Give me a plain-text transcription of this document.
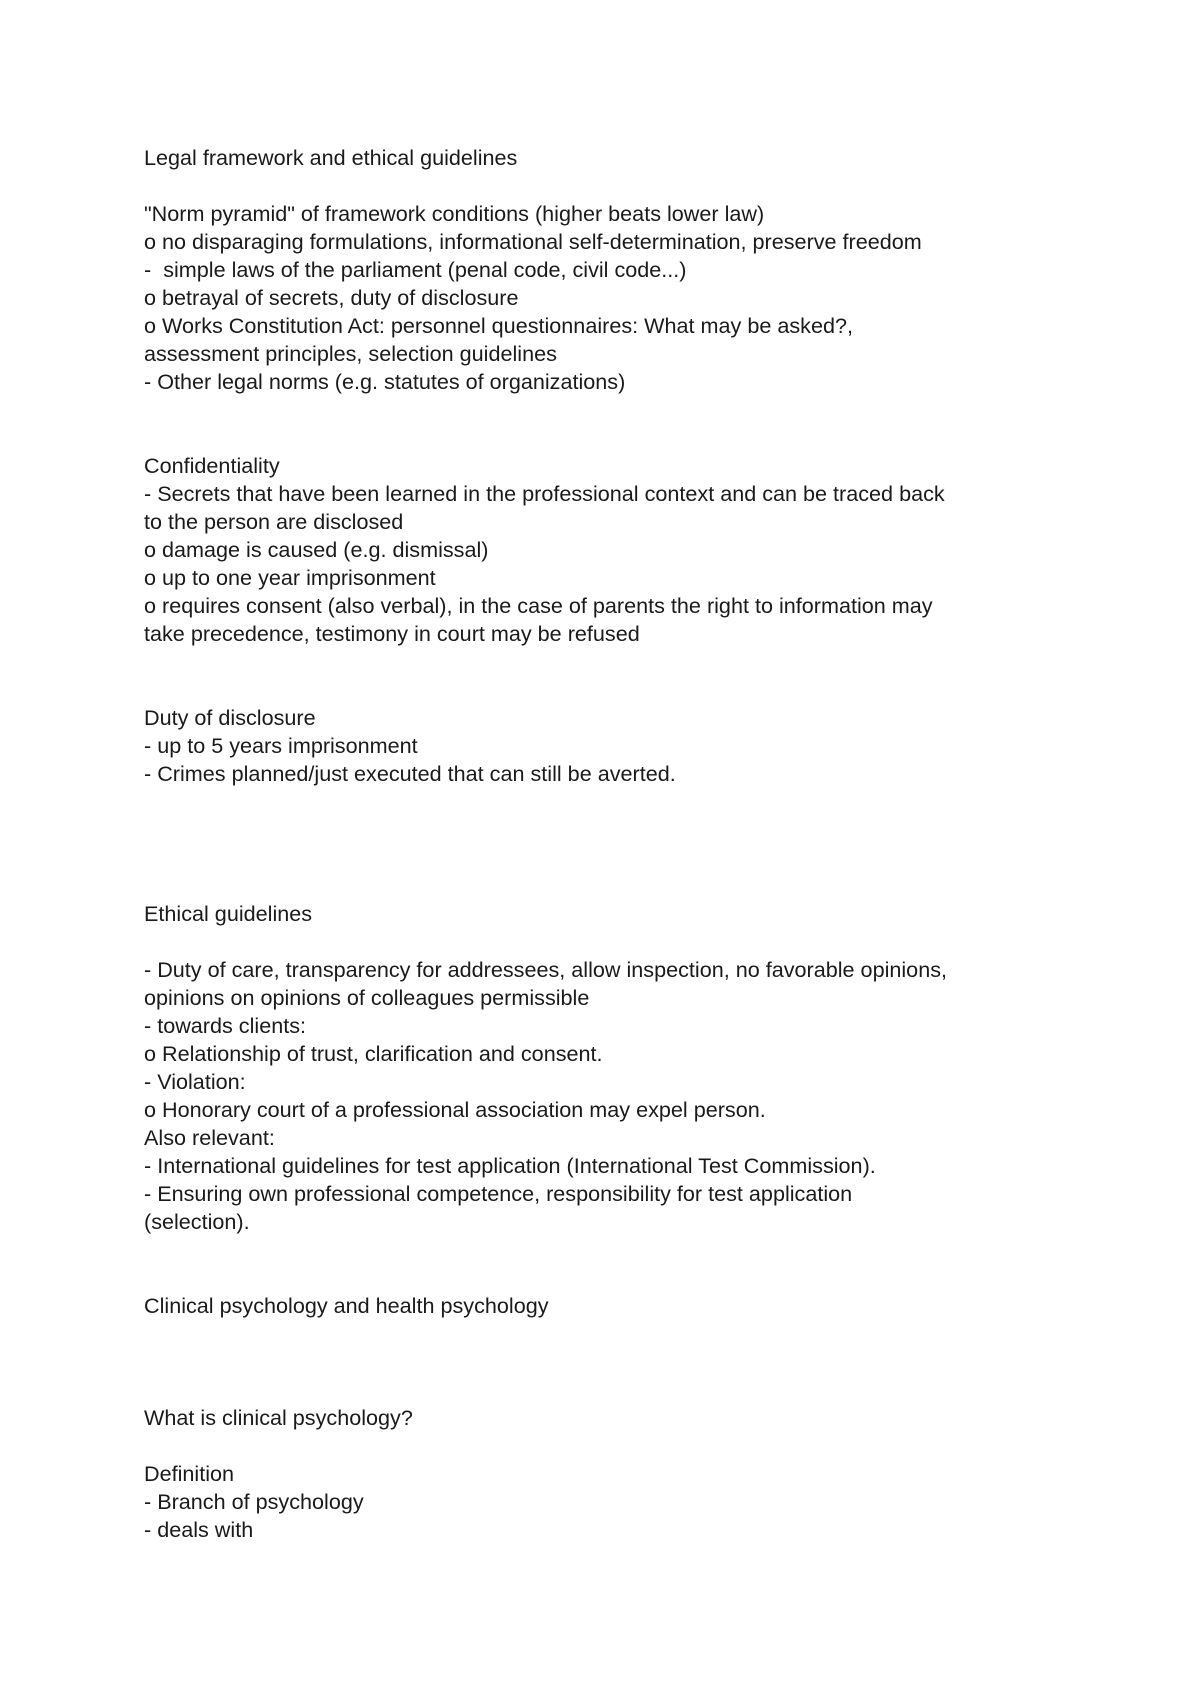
Legal framework and ethical guidelines

"Norm pyramid" of framework conditions (higher beats lower law)

o no disparaging formulations, informational self-determination, preserve freedom

-  simple laws of the parliament (penal code, civil code...)

o betrayal of secrets, duty of disclosure

o Works Constitution Act: personnel questionnaires: What may be asked?,

assessment principles, selection guidelines

- Other legal norms (e.g. statutes of organizations)

Confidentiality

- Secrets that have been learned in the professional context and can be traced back

to the person are disclosed

o damage is caused (e.g. dismissal)

o up to one year imprisonment

o requires consent (also verbal), in the case of parents the right to information may

take precedence, testimony in court may be refused

Duty of disclosure

- up to 5 years imprisonment

- Crimes planned/just executed that can still be averted.

Ethical guidelines

- Duty of care, transparency for addressees, allow inspection, no favorable opinions,

opinions on opinions of colleagues permissible

- towards clients:

o Relationship of trust, clarification and consent.

- Violation:

o Honorary court of a professional association may expel person.

Also relevant:

- International guidelines for test application (International Test Commission).

- Ensuring own professional competence, responsibility for test application

(selection).

Clinical psychology and health psychology

What is clinical psychology?

Definition

- Branch of psychology

- deals with
